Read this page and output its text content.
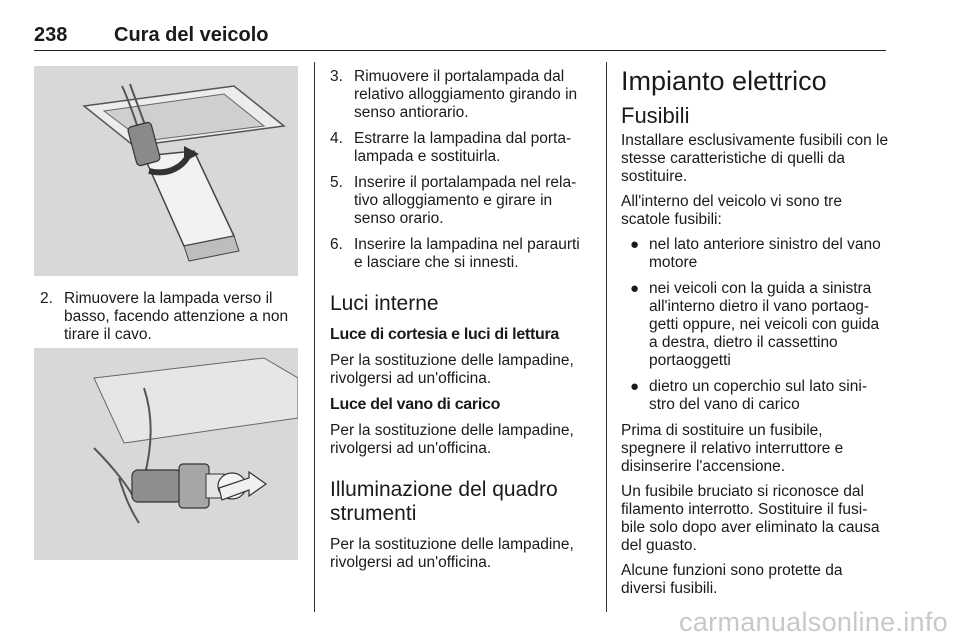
238 Cura del veicolo
2. Rimuovere la lampada verso il basso, facendo attenzione a non tirare il cavo.
3. Rimuovere il portalampada dal relativo alloggiamento girando in senso antiorario.
4. Estrarre la lampadina dal porta-lampada e sostituirla.
5. Inserire il portalampada nel rela-tivo alloggiamento e girare in senso orario.
6. Inserire la lampadina nel paraurti e lasciare che si innesti.
Luci interne
Luce di cortesia e luci di lettura

Per la sostituzione delle lampadine, rivolgersi ad un'officina.

Luce del vano di carico

Per la sostituzione delle lampadine, rivolgersi ad un'officina.

Illuminazione del quadro strumenti

Per la sostituzione delle lampadine, rivolgersi ad un'officina.

Impianto elettrico
Fusibili

Installare esclusivamente fusibili con le stesse caratteristiche di quelli da sostituire.

All'interno del veicolo vi sono tre scatole fusibili:

● nel lato anteriore sinistro del vano motore
● nei veicoli con la guida a sinistra all'interno dietro il vano portaog-getti oppure, nei veicoli con guida a destra, dietro il cassettino portaoggetti
● dietro un coperchio sul lato sini-stro del vano di carico

Prima di sostituire un fusibile, spegnere il relativo interruttore e disinserire l'accensione.

Un fusibile bruciato si riconosce dal filamento interrotto. Sostituire il fusi-bile solo dopo aver eliminato la causa del guasto.

Alcune funzioni sono protette da diversi fusibili.

carmanualsonline.info
